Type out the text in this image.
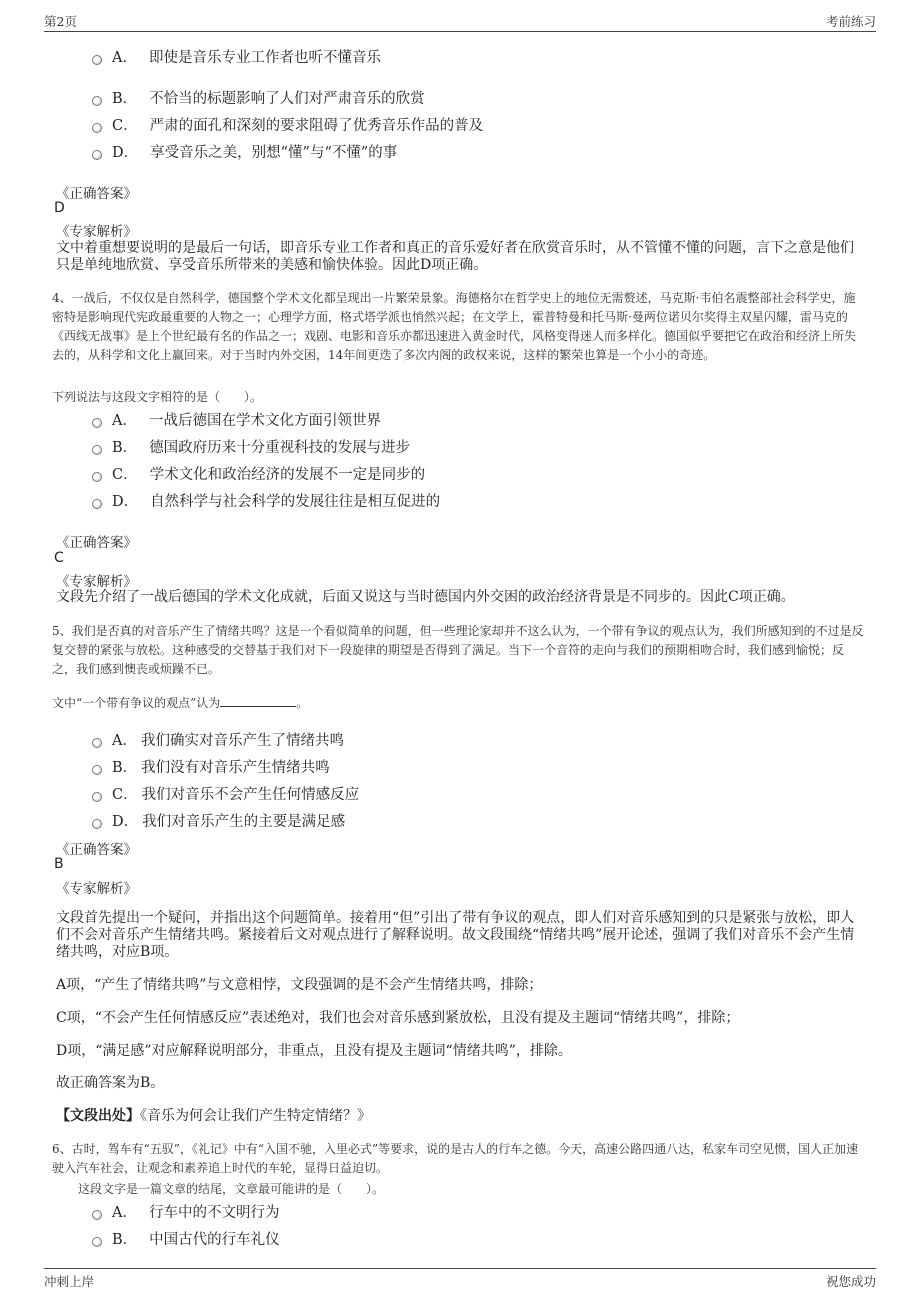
第2页	考前练习
A． 即使是音乐专业工作者也听不懂音乐
B． 不恰当的标题影响了人们对严肃音乐的欣赏
C． 严肃的面孔和深刻的要求阻碍了优秀音乐作品的普及
D． 享受音乐之美，别想“懂”与“不懂”的事
《正确答案》
D
《专家解析》
文中着重想要说明的是最后一句话，即音乐专业工作者和真正的音乐爱好者在欣赏音乐时，从不管懂不懂的问题，言下之意是他们只是单纯地欣赏、享受音乐所带来的美感和愉快体验。因此D项正确。
4、一战后，不仅仅是自然科学，德国整个学术文化都呈现出一片繁荣景象。海德格尔在哲学史上的地位无需赘述，马克斯·韦伯名震整部社会科学史，施密特是影响现代宪政最重要的人物之一；心理学方面，格式塔学派也悄然兴起；在文学上，霍普特曼和托马斯·曼两位诺贝尔奖得主双星闪耀，雷马克的《西线无战事》是上个世纪最有名的作品之一；戏剧、电影和音乐亦都迅速进入黄金时代，风格变得迷人而多样化。德国似乎要把它在政治和经济上所失去的，从科学和文化上赢回来。对于当时内外交困，14年间更迭了多次内阁的政权来说，这样的繁荣也算是一个小小的奇迹。
下列说法与这段文字相符的是（　　）。
A． 一战后德国在学术文化方面引领世界
B． 德国政府历来十分重视科技的发展与进步
C． 学术文化和政治经济的发展不一定是同步的
D． 自然科学与社会科学的发展往往是相互促进的
《正确答案》
C
《专家解析》
文段先介绍了一战后德国的学术文化成就，后面又说这与当时德国内外交困的政治经济背景是不同步的。因此C项正确。
5、我们是否真的对音乐产生了情绪共鸣？这是一个看似简单的问题，但一些理论家却并不这么认为，一个带有争议的观点认为，我们所感知到的不过是反复交替的紧张与放松。这种感受的交替基于我们对下一段旋律的期望是否得到了满足。当下一个音符的走向与我们的预期相吻合时，我们感到愉悦；反之，我们感到懊丧或烦躁不已。
文中“一个带有争议的观点”认为	。
A． 我们确实对音乐产生了情绪共鸣
B． 我们没有对音乐产生情绪共鸣
C． 我们对音乐不会产生任何情感反应
D． 我们对音乐产生的主要是满足感
《正确答案》
B
《专家解析》
文段首先提出一个疑问，并指出这个问题简单。接着用“但”引出了带有争议的观点，即人们对音乐感知到的只是紧张与放松，即人们不会对音乐产生情绪共鸣。紧接着后文对观点进行了解释说明。故文段围绕“情绪共鸣”展开论述，强调了我们对音乐不会产生情绪共鸣，对应B项。
A项，“产生了情绪共鸣”与文意相悖，文段强调的是不会产生情绪共鸣，排除；
C项，“不会产生任何情感反应”表述绝对，我们也会对音乐感到紧放松，且没有提及主题词“情绪共鸣”，排除；
D项，“满足感”对应解释说明部分，非重点，且没有提及主题词“情绪共鸣”，排除。
故正确答案为B。
【文段出处】《音乐为何会让我们产生特定情绪？》
6、古时，驾车有“五驭”，《礼记》中有“入国不驰，入里必式”等要求，说的是古人的行车之德。今天，高速公路四通八达，私家车司空见惯，国人正加速驶入汽车社会，让观念和素养追上时代的车轮，显得日益迫切。
这段文字是一篇文章的结尾，文章最可能讲的是（　　）。
A． 行车中的不文明行为
B． 中国古代的行车礼仪
冲刺上岸	祝您成功
